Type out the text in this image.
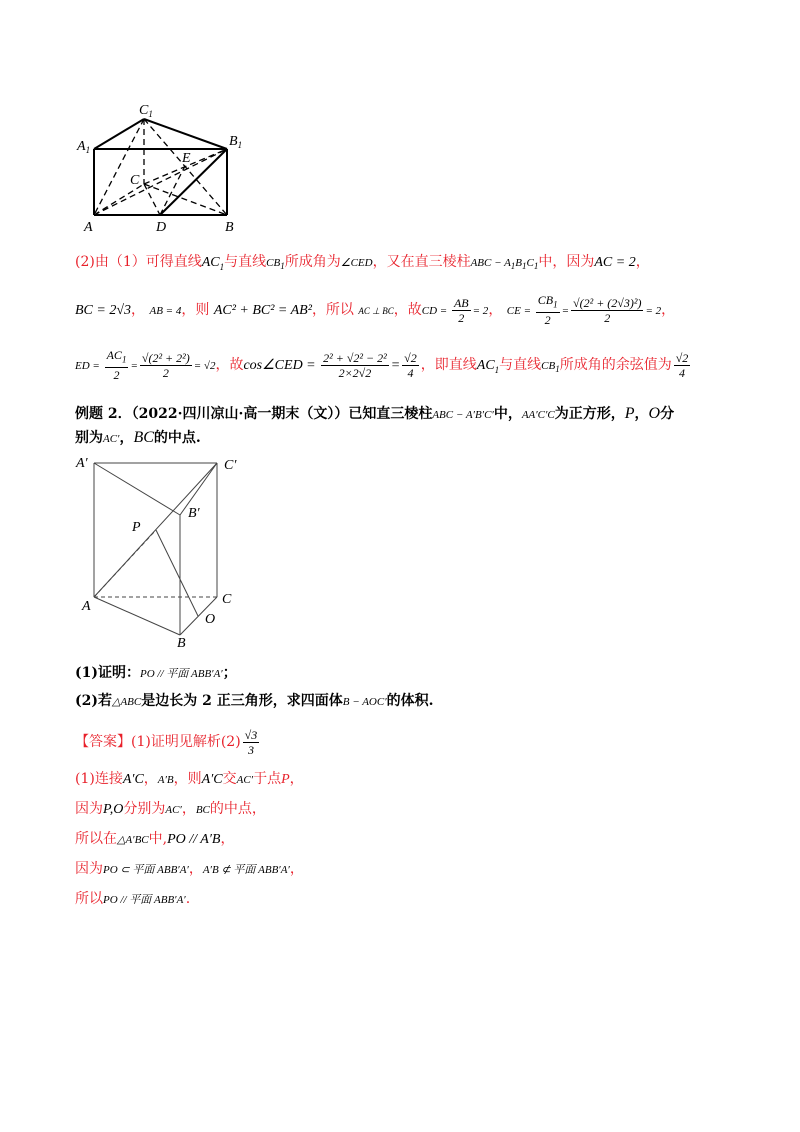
$C_1$
$A_1$
$B_1$
E
C
A	D	B
(2)由（1）可得直线$AC_1$与直线$CB_1$所成角为∠CED，又在直三棱柱ABC − $A_1B_1C_1$中，因为AC = 2，
BC = 2√3， AB = 4，则 AC² + BC² = AB²，所以 AC ⊥ BC，故CD = $\frac{AB}{2} = 2$， CE = $\frac{CB_1}{2} = \frac{\text{√(2² + (2√3)²)}}{2} = 2$，
ED = $\frac{AC_1}{2} = \frac{\text{√(2² + 2²)}}{2} = √2$，故cos∠CED = $\frac{\text{2² + √2² − 2²}}{2\times 2√2} = \frac{√2}{4}$ ，即直线$AC_1$与直线$CB_1$所成角的余弦值为 $\frac{√2}{4}$
例题 2．（2022·四川凉山·高一期末（文））已知直三棱柱ABC − A′B′C′中，AA′C′C为正方形，P，O分
别为AC′，BC的中点.
A′	C′
B′
P
A	C
O
B
(1)证明：PO // 平面 ABB′A′；
(2)若△ABC是边长为 2 正三角形，求四面体B − AOC′的体积.
【答案】(1)证明见解析$(2) \frac{√3}{3}$
(1)连接A′C，A′B，则A′C交AC′于点P，
因为P,O分别为AC′，BC的中点，
所以在△A′BC中,PO // A′B，
因为PO ⊂ 平面 ABB′A′，A′B ⊄ 平面 ABB′A′，
所以PO // 平面 ABB′A′.
